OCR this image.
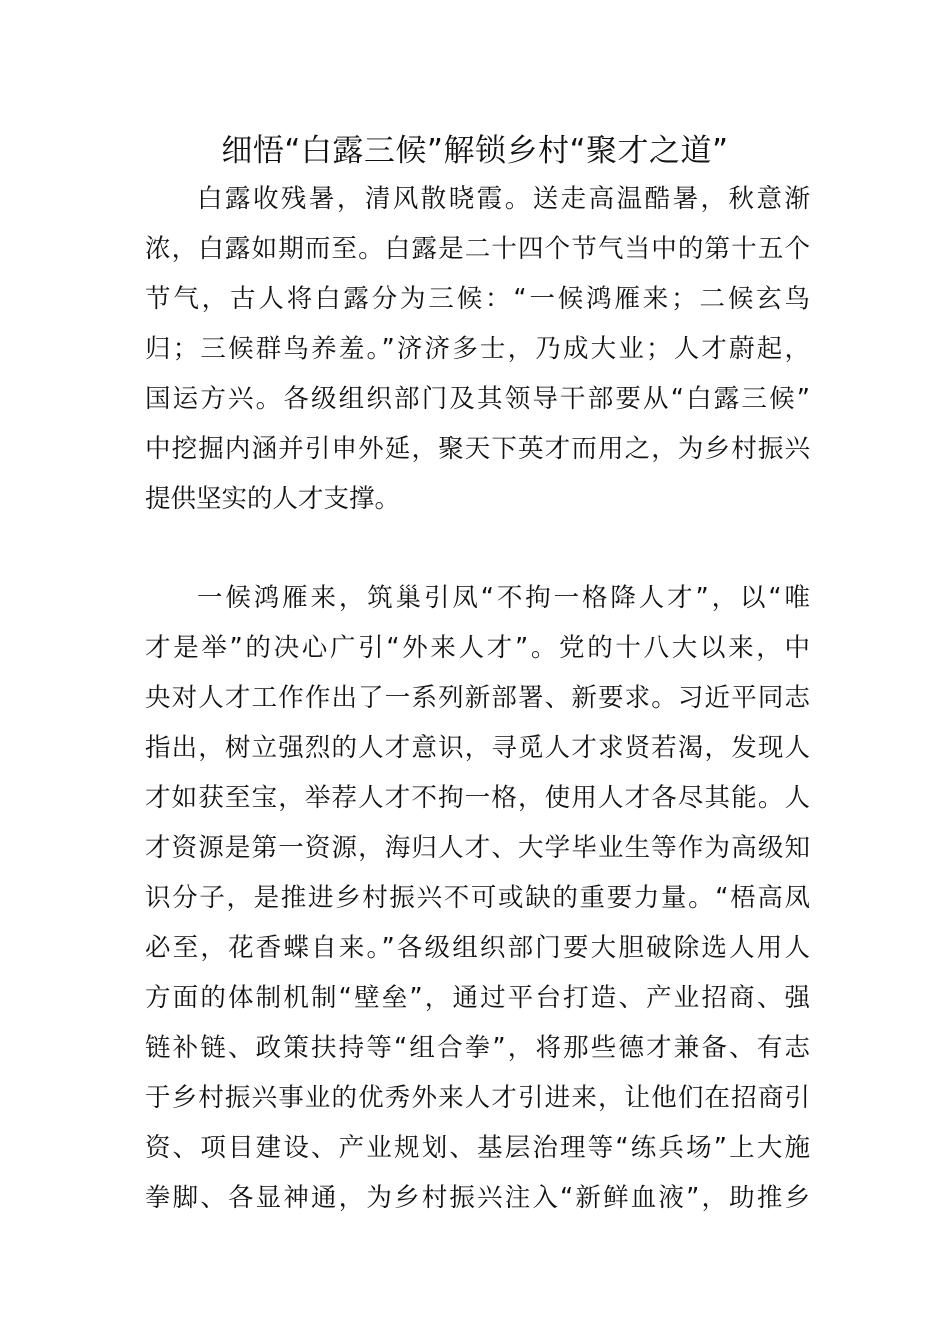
细悟“白露三候”解锁乡村“聚才之道”
白露收残暑，清风散晓霞。送走高温酷暑，秋意渐
浓，白露如期而至。白露是二十四个节气当中的第十五个
节气，古人将白露分为三候：“一候鸿雁来；二候玄鸟
归；三候群鸟养羞。”济济多士，乃成大业；人才蔚起，
国运方兴。各级组织部门及其领导干部要从“白露三候”
中挖掘内涵并引申外延，聚天下英才而用之，为乡村振兴
提供坚实的人才支撑。
一候鸿雁来，筑巢引凤“不拘一格降人才”，以“唯
才是举”的决心广引“外来人才”。党的十八大以来，中
央对人才工作作出了一系列新部署、新要求。习近平同志
指出，树立强烈的人才意识，寻觅人才求贤若渴，发现人
才如获至宝，举荐人才不拘一格，使用人才各尽其能。人
才资源是第一资源，海归人才、大学毕业生等作为高级知
识分子，是推进乡村振兴不可或缺的重要力量。“梧高凤
必至，花香蝶自来。”各级组织部门要大胆破除选人用人
方面的体制机制“壁垒”，通过平台打造、产业招商、强
链补链、政策扶持等“组合拳”，将那些德才兼备、有志
于乡村振兴事业的优秀外来人才引进来，让他们在招商引
资、项目建设、产业规划、基层治理等“练兵场”上大施
拳脚、各显神通，为乡村振兴注入“新鲜血液”，助推乡
